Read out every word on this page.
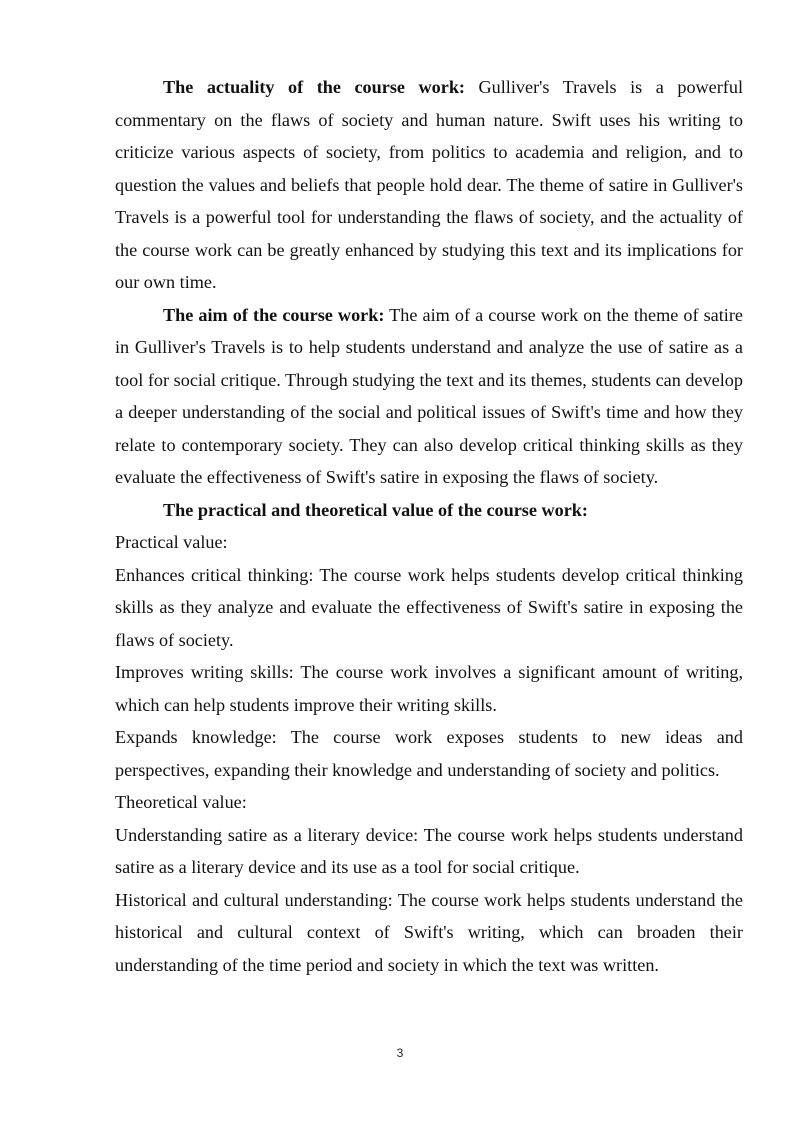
The actuality of the course work: Gulliver's Travels is a powerful commentary on the flaws of society and human nature. Swift uses his writing to criticize various aspects of society, from politics to academia and religion, and to question the values and beliefs that people hold dear. The theme of satire in Gulliver's Travels is a powerful tool for understanding the flaws of society, and the actuality of the course work can be greatly enhanced by studying this text and its implications for our own time.

The aim of the course work: The aim of a course work on the theme of satire in Gulliver's Travels is to help students understand and analyze the use of satire as a tool for social critique. Through studying the text and its themes, students can develop a deeper understanding of the social and political issues of Swift's time and how they relate to contemporary society. They can also develop critical thinking skills as they evaluate the effectiveness of Swift's satire in exposing the flaws of society.

The practical and theoretical value of the course work:

Practical value:

Enhances critical thinking: The course work helps students develop critical thinking skills as they analyze and evaluate the effectiveness of Swift's satire in exposing the flaws of society.

Improves writing skills: The course work involves a significant amount of writing, which can help students improve their writing skills.

Expands knowledge: The course work exposes students to new ideas and perspectives, expanding their knowledge and understanding of society and politics.

Theoretical value:

Understanding satire as a literary device: The course work helps students understand satire as a literary device and its use as a tool for social critique.

Historical and cultural understanding: The course work helps students understand the historical and cultural context of Swift's writing, which can broaden their understanding of the time period and society in which the text was written.

3
